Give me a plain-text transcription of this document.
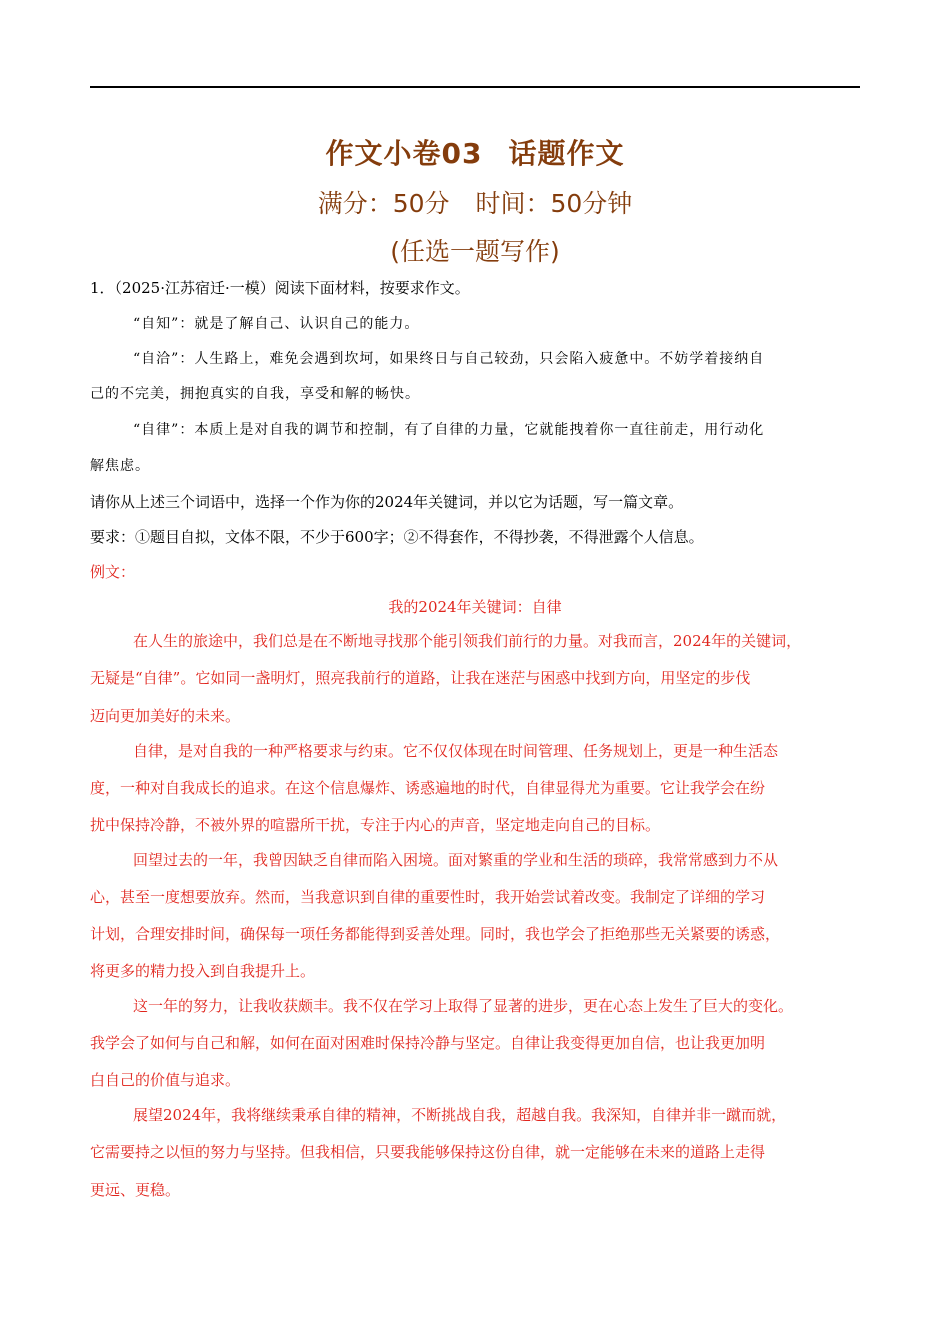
作文小卷03 话题作文
满分：50分 时间：50分钟
(任选一题写作)
1．（2025·江苏宿迁·一模）阅读下面材料，按要求作文。
“自知”：就是了解自己、认识自己的能力。
“自洽”：人生路上，难免会遇到坎坷，如果终日与自己较劲，只会陷入疲惫中。不妨学着接纳自
己的不完美，拥抱真实的自我，享受和解的畅快。
“自律”：本质上是对自我的调节和控制，有了自律的力量，它就能拽着你一直往前走，用行动化
解焦虑。
请你从上述三个词语中，选择一个作为你的2024年关键词，并以它为话题，写一篇文章。
要求：①题目自拟，文体不限，不少于600字；②不得套作，不得抄袭，不得泄露个人信息。
例文：
我的2024年关键词：自律
在人生的旅途中，我们总是在不断地寻找那个能引领我们前行的力量。对我而言，2024年的关键词，
无疑是“自律”。它如同一盏明灯，照亮我前行的道路，让我在迷茫与困惑中找到方向，用坚定的步伐
迈向更加美好的未来。
自律，是对自我的一种严格要求与约束。它不仅仅体现在时间管理、任务规划上，更是一种生活态
度，一种对自我成长的追求。在这个信息爆炸、诱惑遍地的时代，自律显得尤为重要。它让我学会在纷
扰中保持冷静，不被外界的喧嚣所干扰，专注于内心的声音，坚定地走向自己的目标。
回望过去的一年，我曾因缺乏自律而陷入困境。面对繁重的学业和生活的琐碎，我常常感到力不从
心，甚至一度想要放弃。然而，当我意识到自律的重要性时，我开始尝试着改变。我制定了详细的学习
计划，合理安排时间，确保每一项任务都能得到妥善处理。同时，我也学会了拒绝那些无关紧要的诱惑，
将更多的精力投入到自我提升上。
这一年的努力，让我收获颇丰。我不仅在学习上取得了显著的进步，更在心态上发生了巨大的变化。
我学会了如何与自己和解，如何在面对困难时保持冷静与坚定。自律让我变得更加自信，也让我更加明
白自己的价值与追求。
展望2024年，我将继续秉承自律的精神，不断挑战自我，超越自我。我深知，自律并非一蹴而就，
它需要持之以恒的努力与坚持。但我相信，只要我能够保持这份自律，就一定能够在未来的道路上走得
更远、更稳。
